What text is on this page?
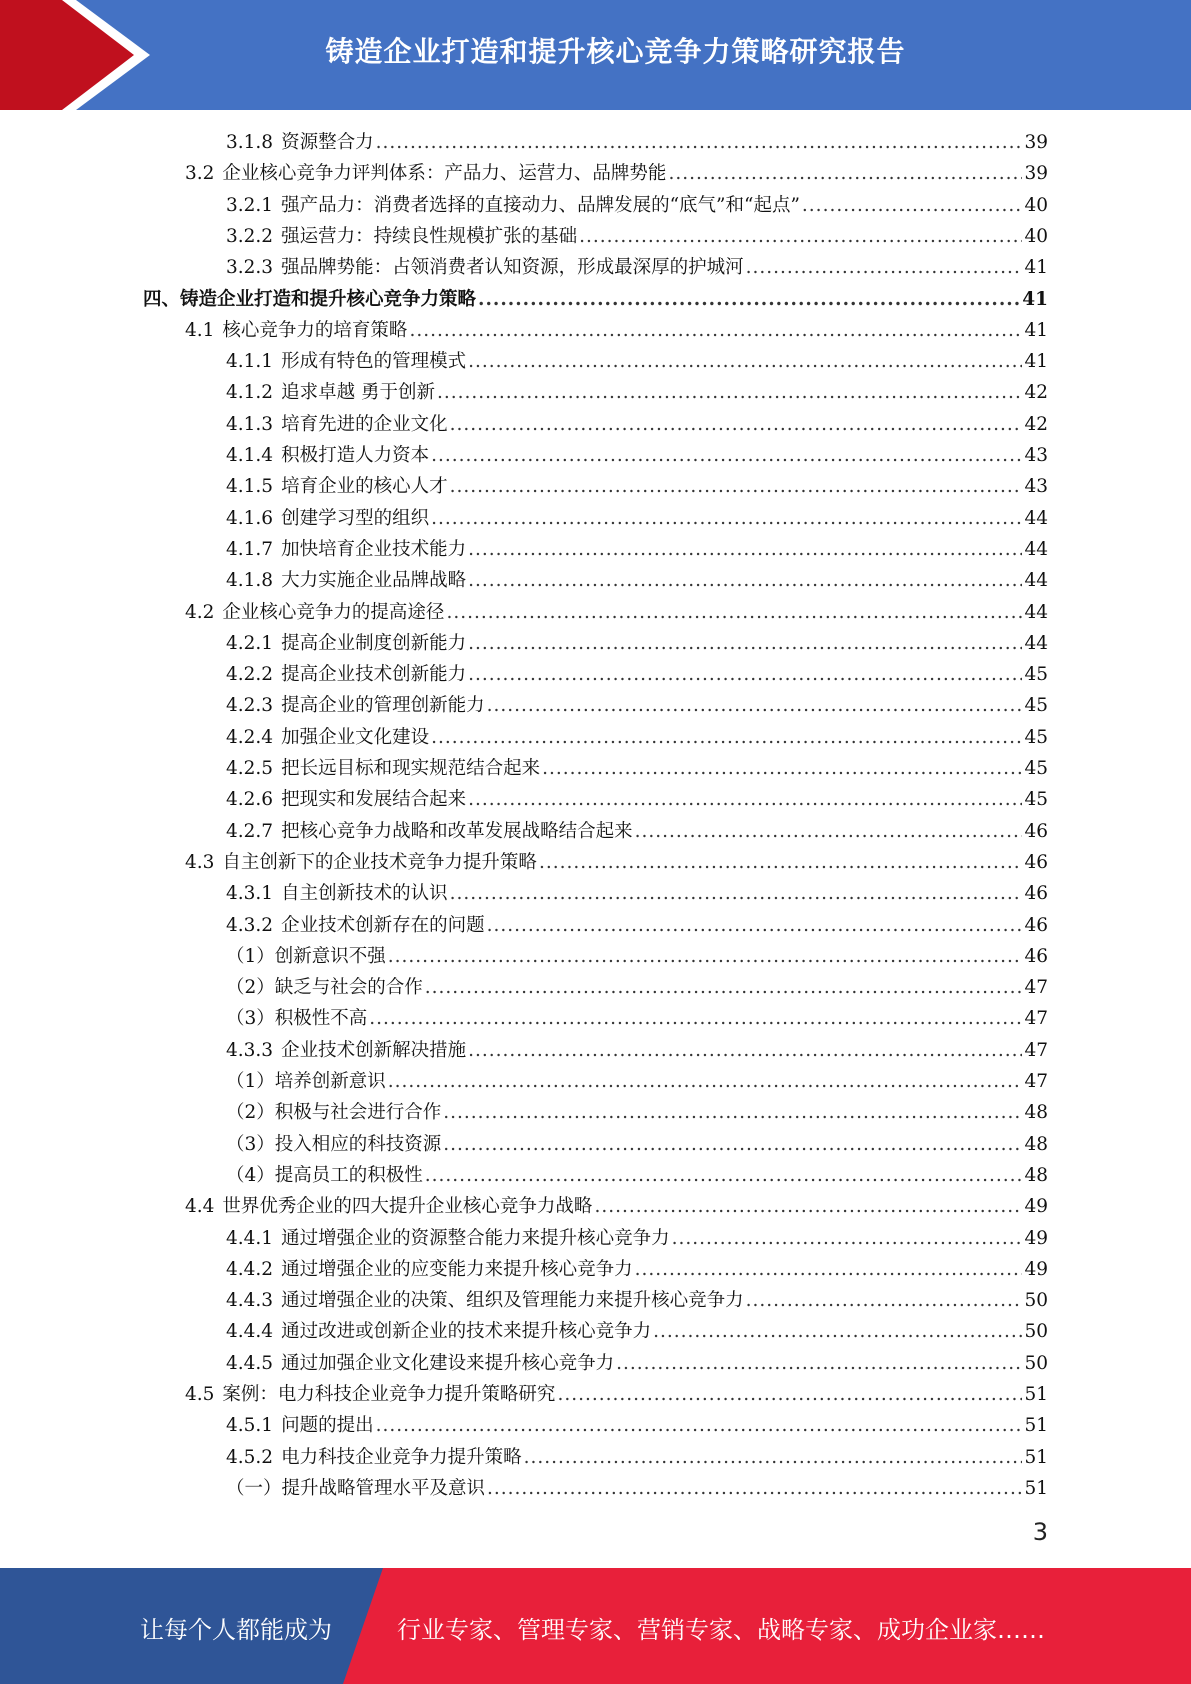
铸造企业打造和提升核心竞争力策略研究报告
3.1.8 资源整合力 .....	39
3.2 企业核心竞争力评判体系：产品力、运营力、品牌势能 .....	39
3.2.1 强产品力：消费者选择的直接动力、品牌发展的“底气”和“起点” .....	40
3.2.2 强运营力：持续良性规模扩张的基础 .....	40
3.2.3 强品牌势能：占领消费者认知资源，形成最深厚的护城河 .....	41
四、铸造企业打造和提升核心竞争力策略 .....	41
4.1 核心竞争力的培育策略 .....	41
4.1.1 形成有特色的管理模式 .....	41
4.1.2 追求卓越 勇于创新 .....	42
4.1.3 培育先进的企业文化 .....	42
4.1.4 积极打造人力资本 .....	43
4.1.5 培育企业的核心人才 .....	43
4.1.6 创建学习型的组织 .....	44
4.1.7 加快培育企业技术能力 .....	44
4.1.8 大力实施企业品牌战略 .....	44
4.2 企业核心竞争力的提高途径 .....	44
4.2.1 提高企业制度创新能力 .....	44
4.2.2 提高企业技术创新能力 .....	45
4.2.3 提高企业的管理创新能力 .....	45
4.2.4 加强企业文化建设 .....	45
4.2.5 把长远目标和现实规范结合起来 .....	45
4.2.6 把现实和发展结合起来 .....	45
4.2.7 把核心竞争力战略和改革发展战略结合起来 .....	46
4.3 自主创新下的企业技术竞争力提升策略 .....	46
4.3.1 自主创新技术的认识 .....	46
4.3.2 企业技术创新存在的问题 .....	46
（1）创新意识不强 .....	46
（2）缺乏与社会的合作 .....	47
（3）积极性不高 .....	47
4.3.3 企业技术创新解决措施 .....	47
（1）培养创新意识 .....	47
（2）积极与社会进行合作 .....	48
（3）投入相应的科技资源 .....	48
（4）提高员工的积极性 .....	48
4.4 世界优秀企业的四大提升企业核心竞争力战略 .....	49
4.4.1 通过增强企业的资源整合能力来提升核心竞争力 .....	49
4.4.2 通过增强企业的应变能力来提升核心竞争力 .....	49
4.4.3 通过增强企业的决策、组织及管理能力来提升核心竞争力 .....	50
4.4.4 通过改进或创新企业的技术来提升核心竞争力 .....	50
4.4.5 通过加强企业文化建设来提升核心竞争力 .....	50
4.5 案例：电力科技企业竞争力提升策略研究 .....	51
4.5.1 问题的提出 .....	51
4.5.2 电力科技企业竞争力提升策略 .....	51
（一）提升战略管理水平及意识 .....	51
3
让每个人都能成为	行业专家、管理专家、营销专家、战略专家、成功企业家……
